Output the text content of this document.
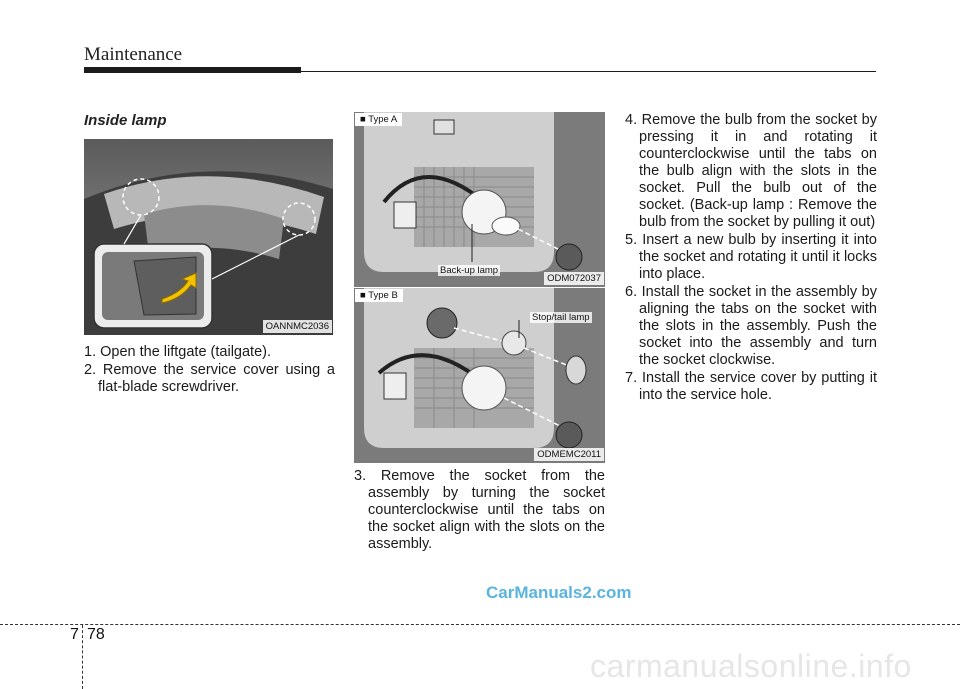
Maintenance
Inside lamp
OANNMC2036
■ Type A
Back-up lamp
ODM072037
■ Type B
Stop/tail lamp
ODMEMC2011

1. Open the liftgate (tailgate).

2. Remove the service cover using a flat-blade screwdriver.

3. Remove the socket from the assembly by turning the socket counterclockwise until the tabs on the socket align with the slots on the assembly.

4. Remove the bulb from the socket by pressing it in and rotating it counterclockwise until the tabs on the bulb align with the slots in the socket. Pull the bulb out of the socket. (Back-up lamp : Remove the bulb from the socket by pulling it out)

5. Insert a new bulb by inserting it into the socket and rotating it until it locks into place.

6. Install the socket in the assembly by aligning the tabs on the socket with the slots in the assembly. Push the socket into the assembly and turn the socket clockwise.

7. Install the service cover by putting it into the service hole.

CarManuals2.com
7 78
carmanualsonline.info
